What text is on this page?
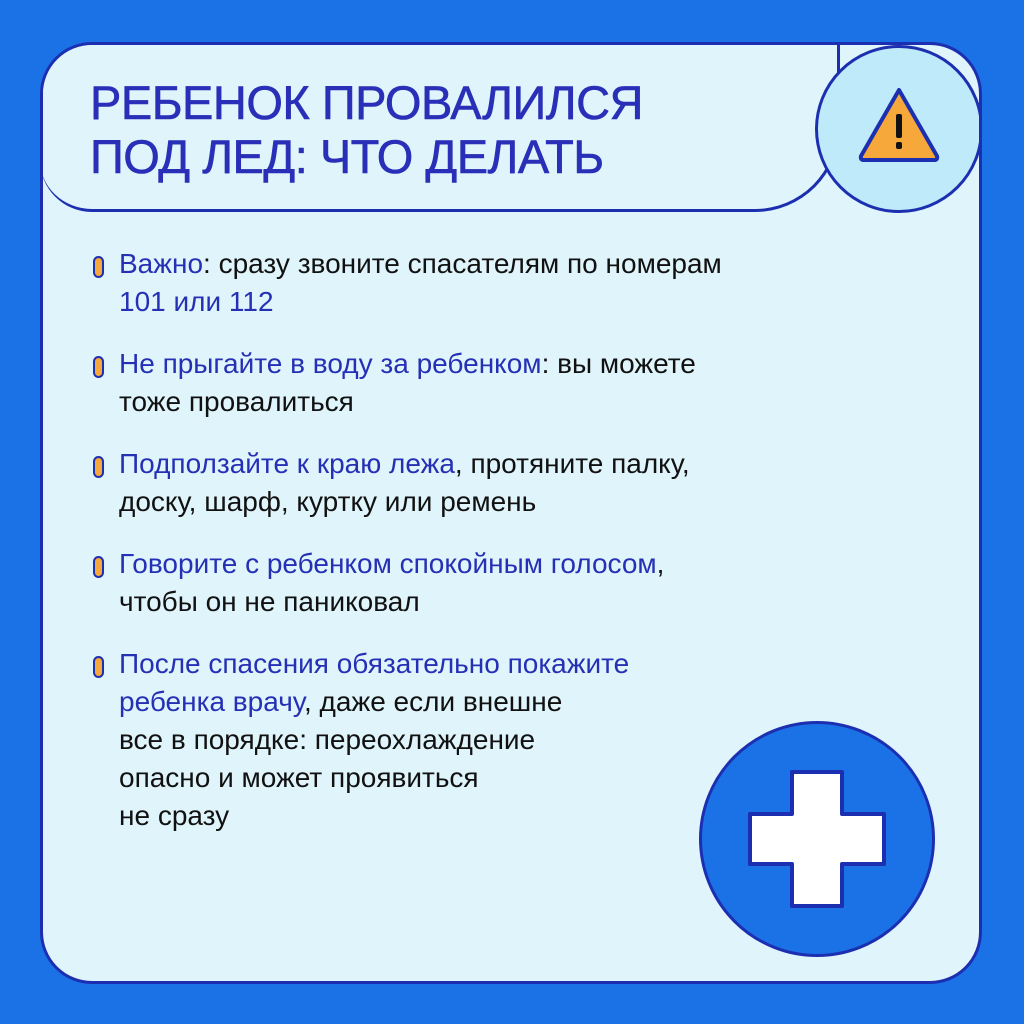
РЕБЕНОК ПРОВАЛИЛСЯ
ПОД ЛЕД: ЧТО ДЕЛАТЬ
Важно: сразу звоните спасателям по номерам
101 или 112
Не прыгайте в воду за ребенком: вы можете
тоже провалиться
Подползайте к краю лежа, протяните палку,
доску, шарф, куртку или ремень
Говорите с ребенком спокойным голосом,
чтобы он не паниковал
После спасения обязательно покажите
ребенка врачу, даже если внешне
все в порядке: переохлаждение
опасно и может проявиться
не сразу
